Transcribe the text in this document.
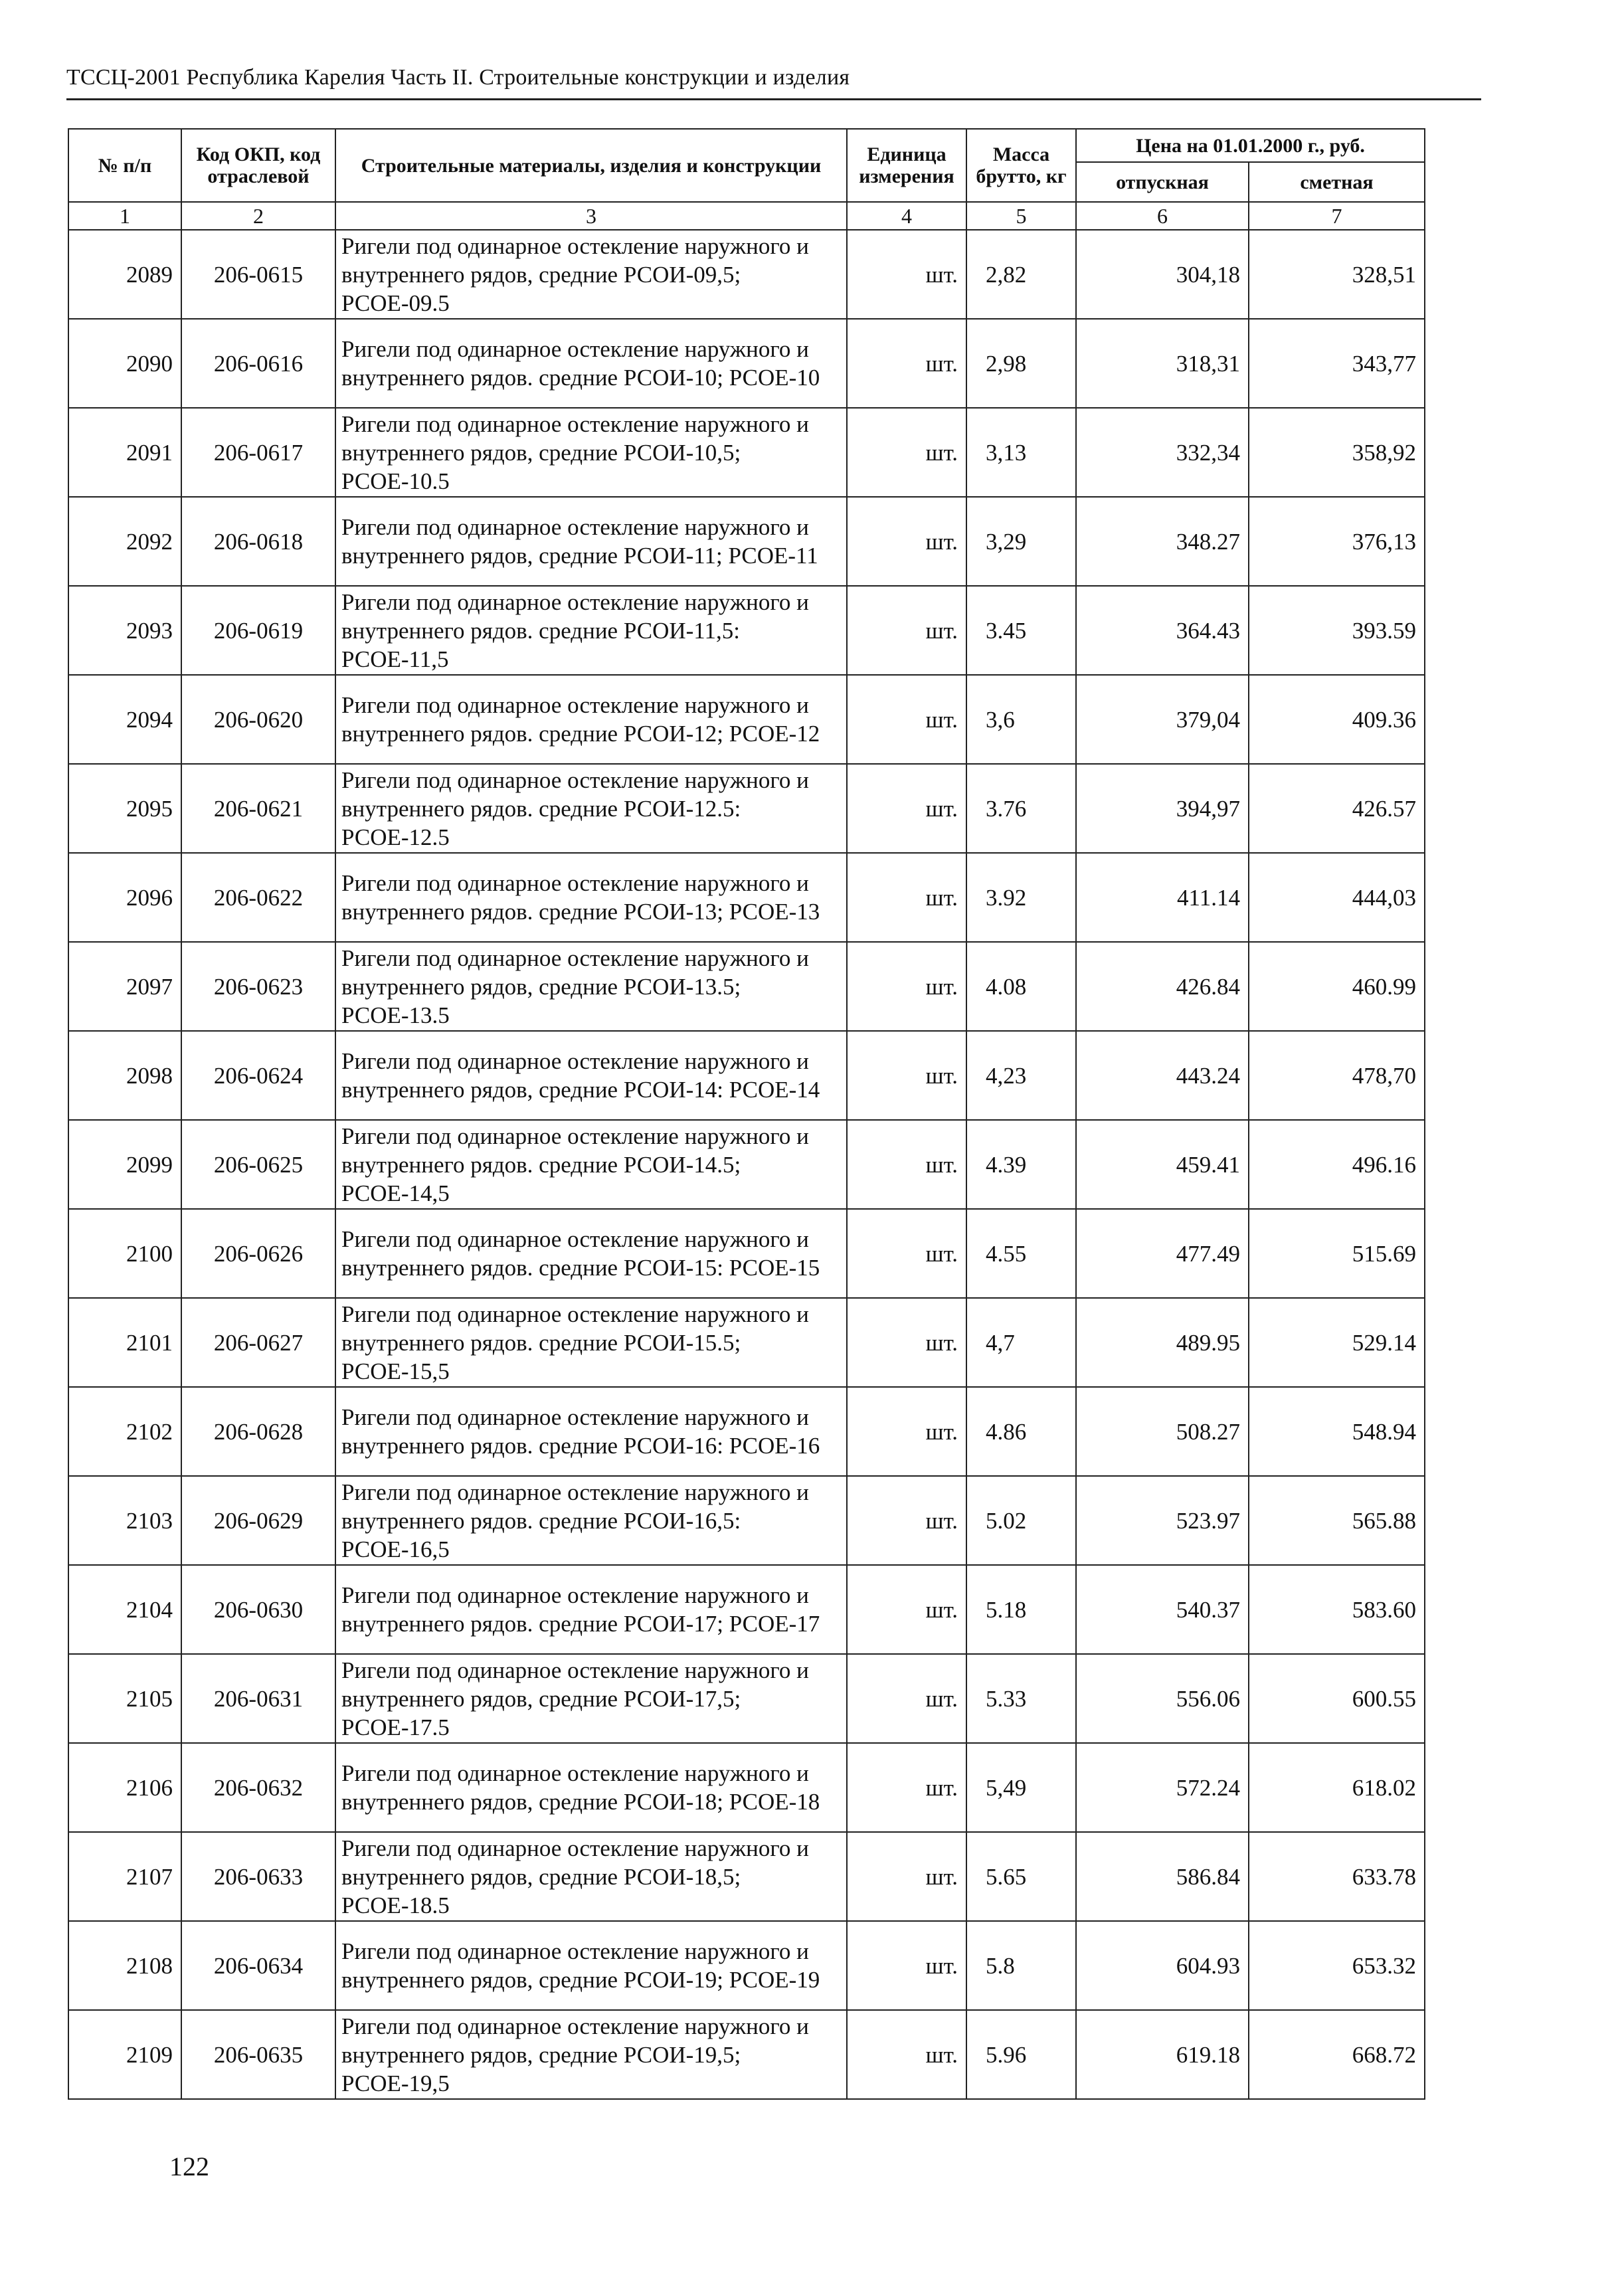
ТССЦ-2001 Республика Карелия Часть II. Строительные конструкции и изделия
№ п/п	Код ОКП, код отраслевой	Строительные материалы, изделия и конструкции	Единица измерения	Масса брутто, кг	Цена на 01.01.2000 г., руб.	
					отпускная	сметная
1	2	3	4	5	6	7
2089	206-0615	Ригели под одинарное остекление наружного и внутреннего рядов, средние РСОИ-09,5; РСОЕ-09.5	шт.	2,82	304,18	328,51
2090	206-0616	Ригели под одинарное остекление наружного и внутреннего рядов. средние РСОИ-10; РСОЕ-10	шт.	2,98	318,31	343,77
2091	206-0617	Ригели под одинарное остекление наружного и внутреннего рядов, средние РСОИ-10,5; РСОЕ-10.5	шт.	3,13	332,34	358,92
2092	206-0618	Ригели под одинарное остекление наружного и внутреннего рядов, средние РСОИ-11; РСОЕ-11	шт.	3,29	348.27	376,13
2093	206-0619	Ригели под одинарное остекление наружного и внутреннего рядов. средние РСОИ-11,5: РСОЕ-11,5	шт.	3.45	364.43	393.59
2094	206-0620	Ригели под одинарное остекление наружного и внутреннего рядов. средние РСОИ-12; РСОЕ-12	шт.	3,6	379,04	409.36
2095	206-0621	Ригели под одинарное остекление наружного и внутреннего рядов. средние РСОИ-12.5: РСОЕ-12.5	шт.	3.76	394,97	426.57
2096	206-0622	Ригели под одинарное остекление наружного и внутреннего рядов. средние РСОИ-13; РСОЕ-13	шт.	3.92	411.14	444,03
2097	206-0623	Ригели под одинарное остекление наружного и внутреннего рядов, средние РСОИ-13.5; РСОЕ-13.5	шт.	4.08	426.84	460.99
2098	206-0624	Ригели под одинарное остекление наружного и внутреннего рядов, средние РСОИ-14: РСОЕ-14	шт.	4,23	443.24	478,70
2099	206-0625	Ригели под одинарное остекление наружного и внутреннего рядов. средние РСОИ-14.5; РСОЕ-14,5	шт.	4.39	459.41	496.16
2100	206-0626	Ригели под одинарное остекление наружного и внутреннего рядов. средние РСОИ-15: РСОЕ-15	шт.	4.55	477.49	515.69
2101	206-0627	Ригели под одинарное остекление наружного и внутреннего рядов. средние РСОИ-15.5; РСОЕ-15,5	шт.	4,7	489.95	529.14
2102	206-0628	Ригели под одинарное остекление наружного и внутреннего рядов. средние РСОИ-16: РСОЕ-16	шт.	4.86	508.27	548.94
2103	206-0629	Ригели под одинарное остекление наружного и внутреннего рядов. средние РСОИ-16,5: РСОЕ-16,5	шт.	5.02	523.97	565.88
2104	206-0630	Ригели под одинарное остекление наружного и внутреннего рядов. средние РСОИ-17; РСОЕ-17	шт.	5.18	540.37	583.60
2105	206-0631	Ригели под одинарное остекление наружного и внутреннего рядов, средние РСОИ-17,5; РСОЕ-17.5	шт.	5.33	556.06	600.55
2106	206-0632	Ригели под одинарное остекление наружного и внутреннего рядов, средние РСОИ-18; РСОЕ-18	шт.	5,49	572.24	618.02
2107	206-0633	Ригели под одинарное остекление наружного и внутреннего рядов, средние РСОИ-18,5; РСОЕ-18.5	шт.	5.65	586.84	633.78
2108	206-0634	Ригели под одинарное остекление наружного и внутреннего рядов, средние РСОИ-19; РСОЕ-19	шт.	5.8	604.93	653.32
2109	206-0635	Ригели под одинарное остекление наружного и внутреннего рядов, средние РСОИ-19,5; РСОЕ-19,5	шт.	5.96	619.18	668.72
122
